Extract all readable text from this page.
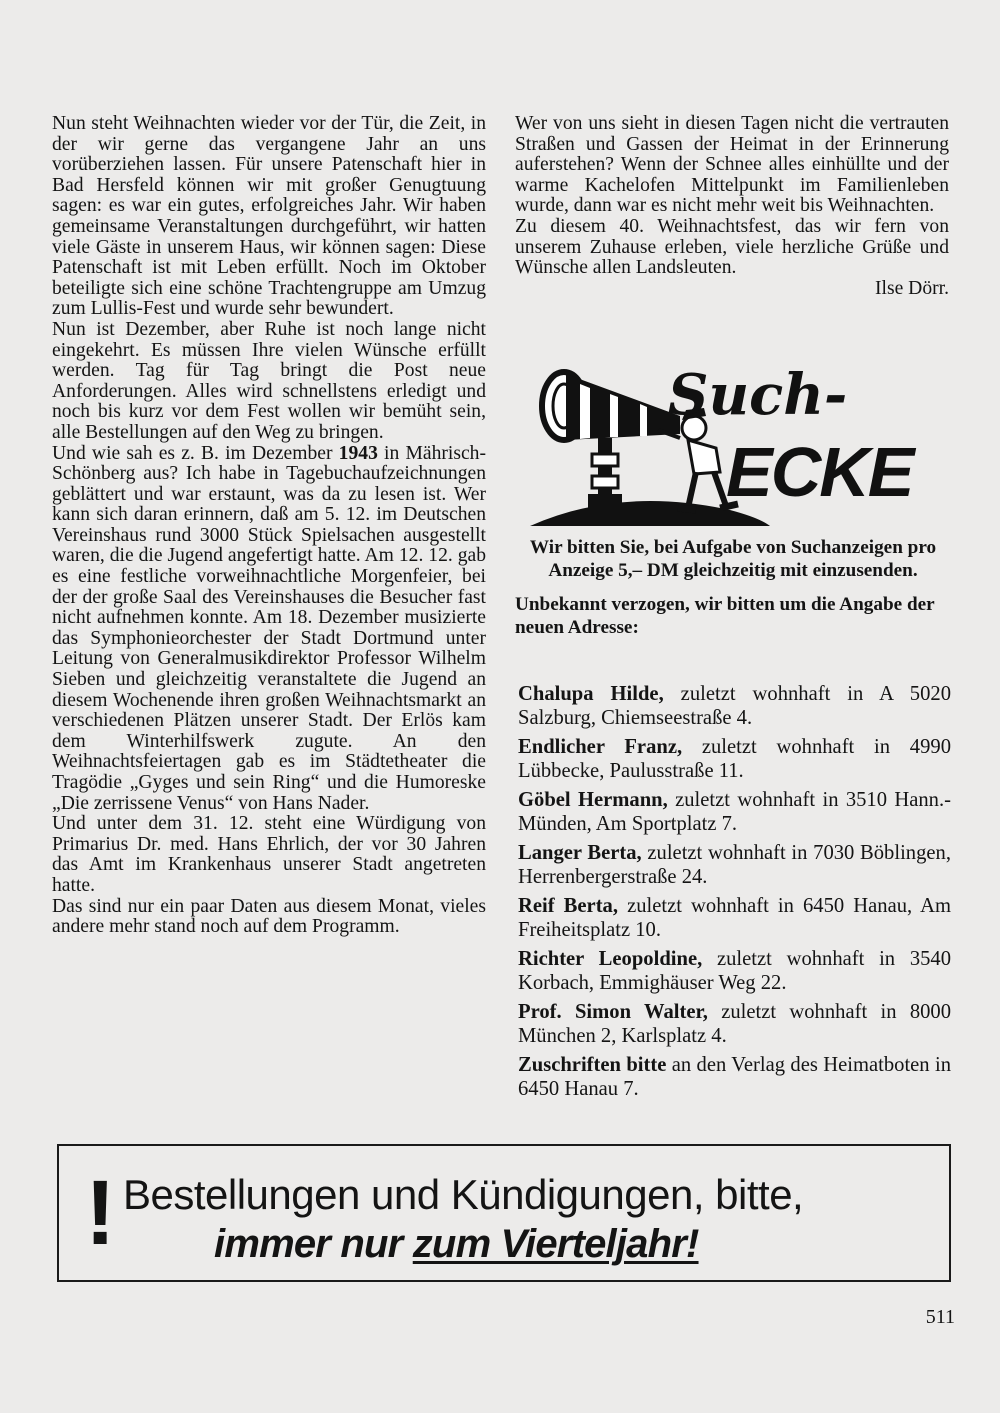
Nun steht Weihnachten wieder vor der Tür, die Zeit, in der wir gerne das vergangene Jahr an uns vorüberziehen lassen. Für unsere Patenschaft hier in Bad Hersfeld können wir mit großer Genugtuung sagen: es war ein gutes, erfolgreiches Jahr. Wir haben gemeinsame Veranstaltungen durchgeführt, wir hatten viele Gäste in unserem Haus, wir können sagen: Diese Patenschaft ist mit Leben erfüllt. Noch im Oktober beteiligte sich eine schöne Trachtengruppe am Umzug zum Lullis-Fest und wurde sehr bewundert.

Nun ist Dezember, aber Ruhe ist noch lange nicht eingekehrt. Es müssen Ihre vielen Wünsche erfüllt werden. Tag für Tag bringt die Post neue Anforderungen. Alles wird schnellstens erledigt und noch bis kurz vor dem Fest wollen wir bemüht sein, alle Bestellungen auf den Weg zu bringen.

Und wie sah es z. B. im Dezember 1943 in Mährisch-Schönberg aus? Ich habe in Tagebuchaufzeichnungen geblättert und war erstaunt, was da zu lesen ist. Wer kann sich daran erinnern, daß am 5. 12. im Deutschen Vereinshaus rund 3000 Stück Spielsachen ausgestellt waren, die die Jugend angefertigt hatte. Am 12. 12. gab es eine festliche vorweihnachtliche Morgenfeier, bei der der große Saal des Vereinshauses die Besucher fast nicht aufnehmen konnte. Am 18. Dezember musizierte das Symphonieorchester der Stadt Dortmund unter Leitung von Generalmusikdirektor Professor Wilhelm Sieben und gleichzeitig veranstaltete die Jugend an diesem Wochenende ihren großen Weihnachtsmarkt an verschiedenen Plätzen unserer Stadt. Der Erlös kam dem Winterhilfswerk zugute. An den Weihnachtsfeiertagen gab es im Städtetheater die Tragödie „Gyges und sein Ring“ und die Humoreske „Die zerrissene Venus“ von Hans Nader.

Und unter dem 31. 12. steht eine Würdigung von Primarius Dr. med. Hans Ehrlich, der vor 30 Jahren das Amt im Krankenhaus unserer Stadt angetreten hatte.

Das sind nur ein paar Daten aus diesem Monat, vieles andere mehr stand noch auf dem Programm.

Wer von uns sieht in diesen Tagen nicht die vertrauten Straßen und Gassen der Heimat in der Erinnerung auferstehen? Wenn der Schnee alles einhüllte und der warme Kachelofen Mittelpunkt im Familienleben wurde, dann war es nicht mehr weit bis Weihnachten.

Zu diesem 40. Weihnachtsfest, das wir fern von unserem Zuhause erleben, viele herzliche Grüße und Wünsche allen Landsleuten.

Ilse Dörr.

Such-
ECKE

Wir bitten Sie, bei Aufgabe von Suchanzeigen pro Anzeige 5,– DM gleichzeitig mit einzusenden.

Unbekannt verzogen, wir bitten um die Angabe der neuen Adresse:

Chalupa Hilde, zuletzt wohnhaft in A 5020 Salzburg, Chiemseestraße 4.

Endlicher Franz, zuletzt wohnhaft in 4990 Lübbecke, Paulusstraße 11.

Göbel Hermann, zuletzt wohnhaft in 3510 Hann.-Münden, Am Sportplatz 7.

Langer Berta, zuletzt wohnhaft in 7030 Böblingen, Herrenbergerstraße 24.

Reif Berta, zuletzt wohnhaft in 6450 Hanau, Am Freiheitsplatz 10.

Richter Leopoldine, zuletzt wohnhaft in 3540 Korbach, Emmighäuser Weg 22.

Prof. Simon Walter, zuletzt wohnhaft in 8000 München 2, Karlsplatz 4.

Zuschriften bitte an den Verlag des Heimatboten in 6450 Hanau 7.

! Bestellungen und Kündigungen, bitte,
immer nur zum Vierteljahr!
511
